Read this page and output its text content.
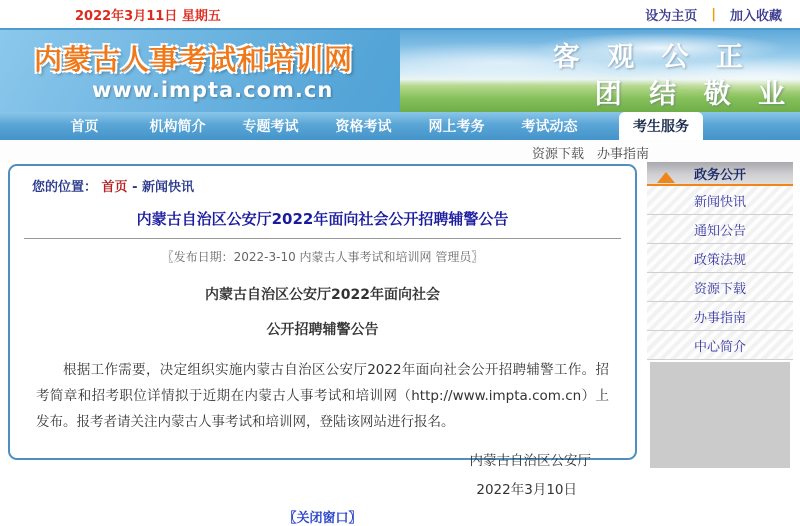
2022年3月11日 星期五	设为主页 | 加入收藏
内蒙古人事考试和培训网
www.impta.com.cn
客 观 公 正
团 结 敬 业
首页	机构简介	专题考试	资格考试	网上考务	考试动态	考生服务
资源下载 办事指南
您的位置： 首页 - 新闻快讯
内蒙古自治区公安厅2022年面向社会公开招聘辅警公告
〖发布日期：2022-3-10 内蒙古人事考试和培训网 管理员〗
内蒙古自治区公安厅2022年面向社会
公开招聘辅警公告
根据工作需要，决定组织实施内蒙古自治区公安厅2022年面向社会公开招聘辅警工作。招考简章和招考职位详情拟于近期在内蒙古人事考试和培训网（http://www.impta.com.cn）上发布。报考者请关注内蒙古人事考试和培训网，登陆该网站进行报名。
内蒙古自治区公安厅
2022年3月10日
〖关闭窗口〗
政务公开
新闻快讯
通知公告
政策法规
资源下载
办事指南
中心简介
